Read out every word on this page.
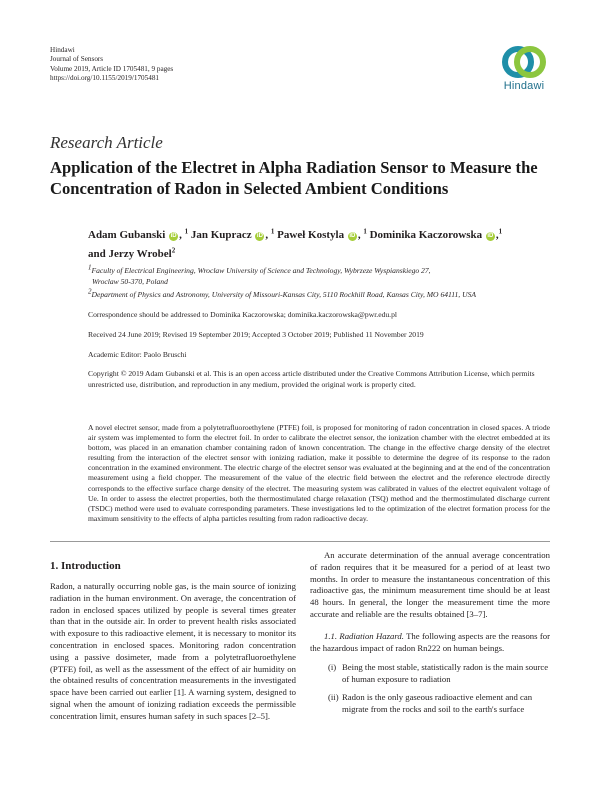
Hindawi
Journal of Sensors
Volume 2019, Article ID 1705481, 9 pages
https://doi.org/10.1155/2019/1705481
Hindawi
Research Article
Application of the Electret in Alpha Radiation Sensor to Measure the Concentration of Radon in Selected Ambient Conditions
Adam Gubanski iD , $^1$ Jan Kupracz iD , $^1$ Paweł Kostyla iD , $^1$ Dominika Kaczorowska iD ,$^1$
and Jerzy Wrobel$^2$
1Faculty of Electrical Engineering, Wroclaw University of Science and Technology, Wybrzeze Wyspianskiego 27,
Wroclaw 50-370, Poland
2Department of Physics and Astronomy, University of Missouri-Kansas City, 5110 Rockhill Road, Kansas City, MO 64111, USA
Correspondence should be addressed to Dominika Kaczorowska; dominika.kaczorowska@pwr.edu.pl
Received 24 June 2019; Revised 19 September 2019; Accepted 3 October 2019; Published 11 November 2019
Academic Editor: Paolo Bruschi
Copyright © 2019 Adam Gubanski et al. This is an open access article distributed under the Creative Commons Attribution License, which permits unrestricted use, distribution, and reproduction in any medium, provided the original work is properly cited.
A novel electret sensor, made from a polytetrafluoroethylene (PTFE) foil, is proposed for monitoring of radon concentration in closed spaces. A triode air system was implemented to form the electret foil. In order to calibrate the electret sensor, the ionization chamber with the electret embedded at its bottom, was placed in an emanation chamber containing radon of known concentration. The change in the effective charge density of the electret resulting from the interaction of the electret sensor with ionizing radiation, make it possible to determine the degree of its response to the radon concentration in the examined environment. The electric charge of the electret sensor was evaluated at the beginning and at the end of the concentration measurement using a field chopper. The measurement of the value of the electric field between the electret and the reference electrode directly corresponds to the effective surface charge density of the electret. The measuring system was calibrated in values of the electret equivalent voltage of Ue. In order to assess the electret properties, both the thermostimulated charge relaxation (TSQ) method and the thermostimulated discharge current (TSDC) method were used to evaluate corresponding parameters. These investigations led to the optimization of the electret formation process for the maximum sensitivity to the effects of alpha particles resulting from radon radioactive decay.
1. Introduction

Radon, a naturally occurring noble gas, is the main source of ionizing radiation in the human environment. On average, the concentration of radon in enclosed spaces utilized by people is several times greater than that in the outside air. In order to prevent health risks associated with exposure to this radioactive element, it is necessary to monitor its concentration in enclosed spaces. Monitoring radon concentration using a passive dosimeter, made from a polytetrafluoroethylene (PTFE) foil, as well as the assessment of the effect of air humidity on the obtained results of concentration measurements in the investigated space have been carried out earlier [1]. A warning system, designed to signal when the amount of ionizing radiation exceeds the permissible concentration limit, ensures human safety in such spaces [2–5].

An accurate determination of the annual average concentration of radon requires that it be measured for a period of at least two months. In order to measure the instantaneous concentration of this radioactive gas, the minimum measurement time should be at least 48 hours. In general, the longer the measurement time the more accurate and reliable are the results obtained [3–7].

1.1. Radiation Hazard. The following aspects are the reasons for the hazardous impact of radon Rn222 on human beings.

(i) Being the most stable, statistically radon is the main source of human exposure to radiation
(ii) Radon is the only gaseous radioactive element and can migrate from the rocks and soil to the earth's surface
